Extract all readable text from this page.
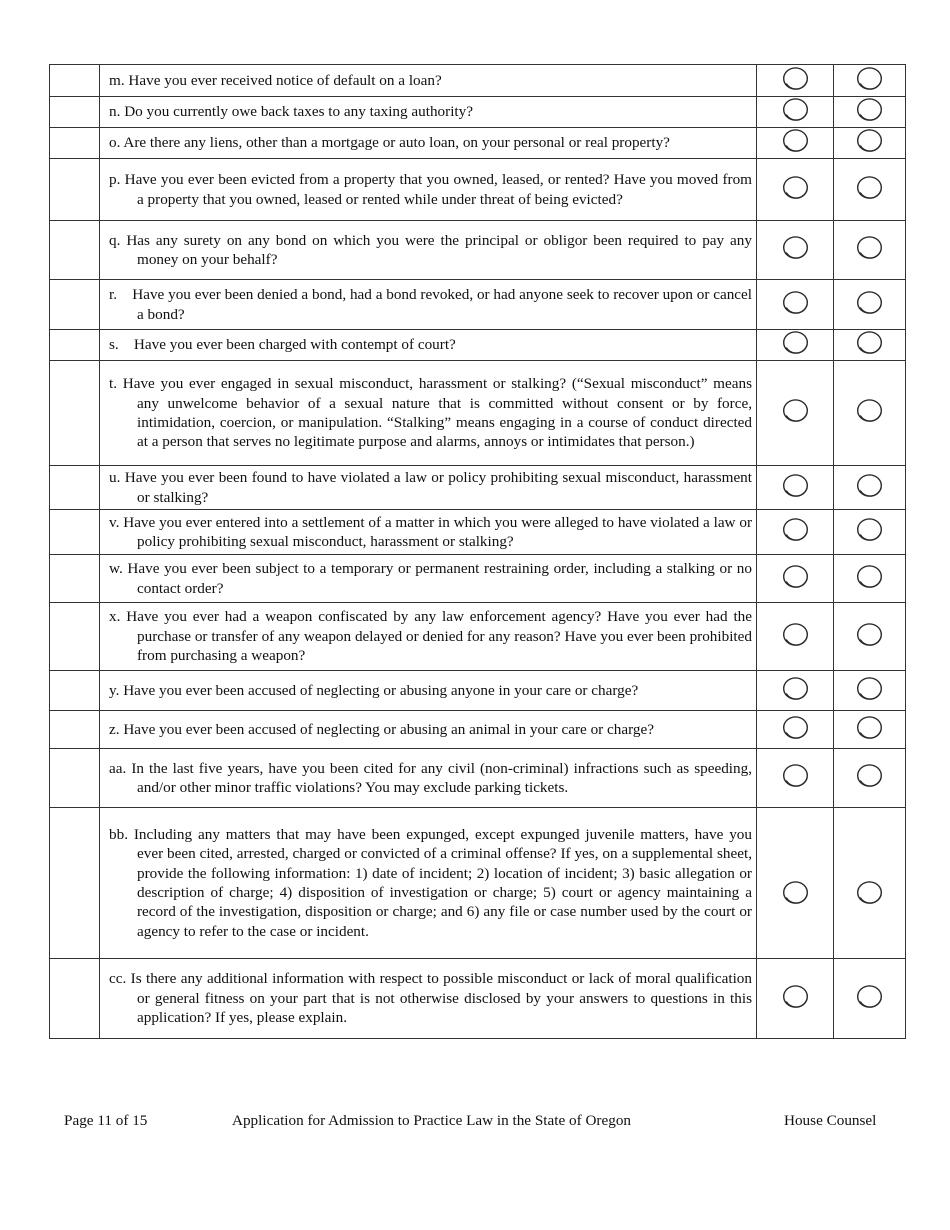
	m. Have you ever received notice of default on a loan?

	n. Do you currently owe back taxes to any taxing authority?

	o. Are there any liens, other than a mortgage or auto loan, on your personal or real property?

	p. Have you ever been evicted from a property that you owned, leased, or rented? Have you moved from a property that you owned, leased or rented while under threat of being evicted?

	q. Has any surety on any bond on which you were the principal or obligor been required to pay any money on your behalf?

	r.    Have you ever been denied a bond, had a bond revoked, or had anyone seek to recover upon or cancel a bond?

	s.    Have you ever been charged with contempt of court?

	t. Have you ever engaged in sexual misconduct, harassment or stalking? (“Sexual misconduct” means any unwelcome behavior of a sexual nature that is committed without consent or by force, intimidation, coercion, or manipulation. “Stalking” means engaging in a course of conduct directed at a person that serves no legitimate purpose and alarms, annoys or intimidates that person.)

	u. Have you ever been found to have violated a law or policy prohibiting sexual misconduct, harassment or stalking?

	v. Have you ever entered into a settlement of a matter in which you were alleged to have violated a law or policy prohibiting sexual misconduct, harassment or stalking?

	w. Have you ever been subject to a temporary or permanent restraining order, including a stalking or no contact order?

	x. Have you ever had a weapon confiscated by any law enforcement agency? Have you ever had the purchase or transfer of any weapon delayed or denied for any reason? Have you ever been prohibited from purchasing a weapon?

	y. Have you ever been accused of neglecting or abusing anyone in your care or charge?

	z. Have you ever been accused of neglecting or abusing an animal in your care or charge?

	aa. In the last five years, have you been cited for any civil (non-criminal) infractions such as speeding, and/or other minor traffic violations? You may exclude parking tickets.

	bb. Including any matters that may have been expunged, except expunged juvenile matters, have you ever been cited, arrested, charged or convicted of a criminal offense? If yes, on a supplemental sheet, provide the following information: 1) date of incident; 2) location of incident; 3) basic allegation or description of charge; 4) disposition of investigation or charge; 5) court or agency maintaining a record of the investigation, disposition or charge; and 6) any file or case number used by the court or agency to refer to the case or incident.

	cc. Is there any additional information with respect to possible misconduct or lack of moral qualification or general fitness on your part that is not otherwise disclosed by your answers to questions in this application? If yes, please explain.

Page 11 of 15	Application for Admission to Practice Law in the State of Oregon	House Counsel
